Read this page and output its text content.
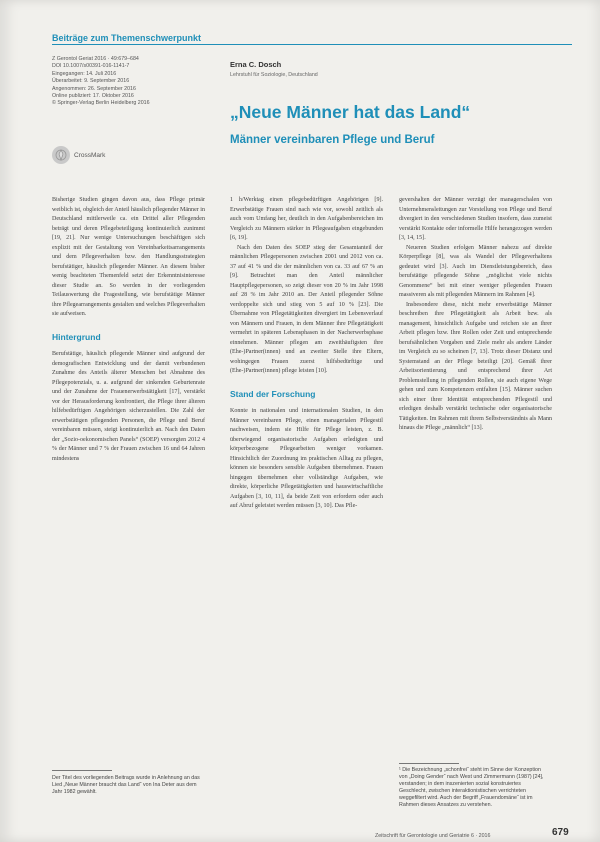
Beiträge zum Themenschwerpunkt
Z Gerontol Geriat 2016 · 49:679–684
DOI 10.1007/s00391-016-1141-7
Eingegangen: 14. Juli 2016
Überarbeitet: 9. September 2016
Angenommen: 26. September 2016
Online publiziert: 17. Oktober 2016
© Springer-Verlag Berlin Heidelberg 2016
Erna C. Dosch
Lehrstuhl für Soziologie, Deutschland
„Neue Männer hat das Land“
Männer vereinbaren Pflege und Beruf
CrossMark

Bisherige Studien gingen davon aus, dass Pflege primär weiblich ist, obgleich der Anteil häuslich pflegender Männer in Deutschland mittlerweile ca. ein Drittel aller Pflegenden beträgt und deren Pflegebeteiligung kontinuierlich zunimmt [19, 21]. Nur wenige Untersuchungen beschäftigen sich explizit mit der Gestaltung von Vereinbarkeitsarrangements und dem Pflegeverhalten bzw. den Handlungsstrategien berufstätiger, häuslich pflegender Männer. An diesem bisher wenig beachteten Themenfeld setzt der Erkenntnisinteresse dieser Studie an. So werden in der vorliegenden Teilauswertung die Fragestellung, wie berufstätige Männer ihre Pflegearrangements gestalten und welches Pflegeverhalten sie aufweisen.

Hintergrund

Berufstätige, häuslich pflegende Männer sind aufgrund der demografischen Entwicklung und der damit verbundenen Zunahme des Anteils älterer Menschen bei Abnahme des Pflegepotenzials, u. a. aufgrund der sinkenden Geburtenrate und der Zunahme der Frauenerwerbstätigkeit [17], verstärkt vor der Herausforderung konfrontiert, die Pflege ihrer älteren hilfebedürftigen Angehörigen sicherzustellen. Die Zahl der erwerbstätigen pflegenden Personen, die Pflege und Beruf vereinbaren müssen, steigt kontinuierlich an. Nach den Daten der „Sozio-oekonomischen Panels“ (SOEP) versorgten 2012 4 % der Männer und 7 % der Frauen zwischen 16 und 64 Jahren mindestens

Der Titel des vorliegenden Beitrags wurde in Anlehnung an das Lied „Neue Männer braucht das Land“ von Ina Deter aus dem Jahr 1982 gewählt.

1 h/Werktag einen pflegebedürftigen Angehörigen [9]. Erwerbstätige Frauen sind nach wie vor, sowohl zeitlich als auch vom Umfang her, deutlich in den Aufgabenbereichen im Vergleich zu Männern stärker in Pflegeaufgaben eingebunden [6, 19].

Nach den Daten des SOEP stieg der Gesamtanteil der männlichen Pflegepersonen zwischen 2001 und 2012 von ca. 37 auf 41 % und die der männlichen von ca. 33 auf 67 % an [9]. Betrachtet man den Anteil männlicher Hauptpflegepersonen, so zeigt dieser von 20 % im Jahr 1998 auf 28 % im Jahr 2010 an. Der Anteil pflegender Söhne verdoppelte sich und stieg von 5 auf 10 % [23]. Die Übernahme von Pflegetätigkeiten divergiert im Lebensverlauf von Männern und Frauen, in dem Männer ihre Pflegetätigkeit vermehrt in späteren Lebensphasen in der Nacherwerbsphase einnehmen. Männer pflegen am zweithäufigsten ihre (Ehe-)Partner(innen) und an zweiter Stelle ihre Eltern, wohingegen Frauen zuerst hilfsbedürftige und (Ehe-)Partner(innen) pflege leisten [10].

Stand der Forschung

Konnte in nationalen und internationalen Studien, in den Männer vereinbaren Pflege, einen managerialen Pflegestil nachweisen, indem sie Hilfe für Pflege leisten, z. B. überwiegend organisatorische Aufgaben erledigten und körperbezogene Pflegearbeiten weniger vorkamen. Hinsichtlich der Zuordnung im praktischen Alltag zu pflegen, können sie besonders sensible Aufgaben übernehmen. Frauen hingegen übernehmen eher vollständige Aufgaben, wie direkte, körperliche Pflegetätigkeiten und hauswirtschaftliche Aufgaben [3, 10, 11], da beide Zeit von erfordern oder auch auf Abruf geleistet werden müssen [3, 10]. Das Pfle-

gevershalten der Männer verzügt der managerschalen von Unternehmensleitungen zur Vorstellung von Pflege und Beruf divergiert in den verschiedenen Studien insofern, dass zumeist verstärkt Kontakte oder informelle Hilfe herangezogen werden [3, 14, 15].

Neueren Studien erfolgen Männer nahezu auf direkte Körperpflege [8], was als Wandel der Pflegeverhaltens gedeutet wird [3]. Auch im Dienstleistungsbereich, dass berufstätige pflegende Söhne „möglichst viele nichts Genommene“ bei mit einer weniger pflegenden Frauen massiveren als mit pflegenden Männern im Rahmen [4].

Insbesondere diese, nicht mehr erwerbstätige Männer beschreiben ihre Pflegetätigkeit als Arbeit bzw. als management, hinsichtlich Aufgabe und reichen sie an ihrer Arbeit pflegen bzw. Ihre Rollen oder Zeit und entsprechende berufsähnlichen Vorgaben und Ziele mehr als andere Länder im Vergleich zu so scheinen [7, 13]. Trotz dieser Distanz und Systemstand an der Pflege beteiligt [20]. Gemäß ihrer Arbeitsorientierung und entsprechend ihrer Art Problemstellung in pflegenden Rollen, sie auch eigene Wege gehen und zum Kompetenzen entfalten [15]. Männer suchen sich einer ihrer Identität entsprechenden Pflegestil und erledigen deshalb verstärkt technische oder organisatorische Tätigkeiten. Im Rahmen mit ihrem Selbstverständnis als Mann hinaus die Pflege „männlich“ [13].

¹ Die Bezeichnung „schonfrei“ steht im Sinne der Konzeption von „Doing Gender“ nach West und Zimmermann (1987) [24], verstanden; in dem inszenierten sozial konstruiertes Geschlecht, zwischen interaktionistischen verrichteten weggefiltert wird. Auch der Begriff „Frauendomäne“ ist im Rahmen dieses Ansatzes zu verstehen.
Zeitschrift für Gerontologie und Geriatrie 6 · 2016	679
